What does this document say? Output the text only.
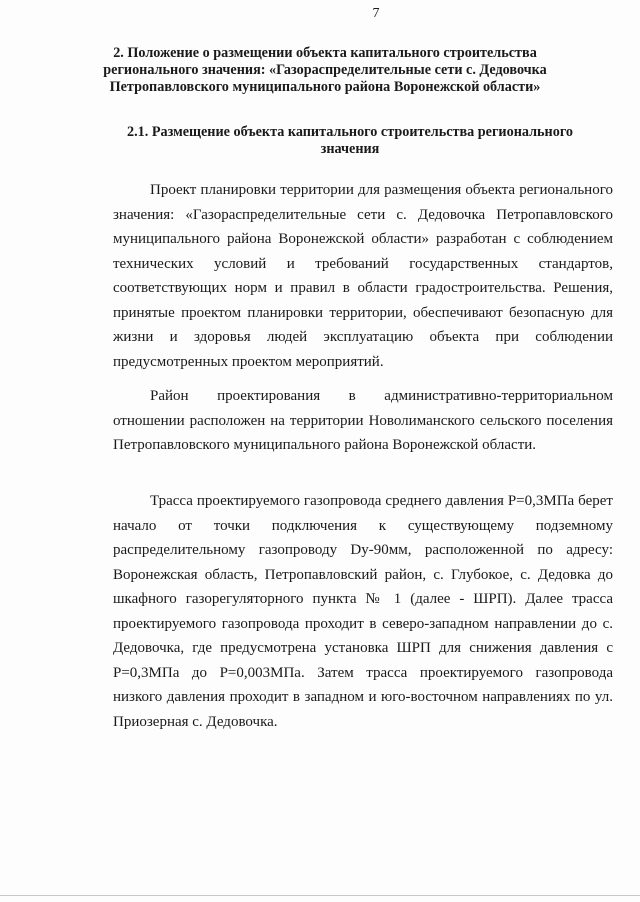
7
2. Положение о размещении объекта капитального строительства регионального значения: «Газораспределительные сети с. Дедовочка Петропавловского муниципального района Воронежской области»
2.1. Размещение объекта капитального строительства регионального значения

Проект планировки территории для размещения объекта регионального значения: «Газораспределительные сети с. Дедовочка Петропавловского муниципального района Воронежской области» разработан с соблюдением технических условий и требований государственных стандартов, соответствующих норм и правил в области градостроительства. Решения, принятые проектом планировки территории, обеспечивают безопасную для жизни и здоровья людей эксплуатацию объекта при соблюдении предусмотренных проектом мероприятий.

Район проектирования в административно-территориальном отношении расположен на территории Новолиманского сельского поселения Петропавловского муниципального района Воронежской области.

Трасса проектируемого газопровода среднего давления Р=0,3МПа берет начало от точки подключения к существующему подземному распределительному газопроводу Dу-90мм, расположенной по адресу: Воронежская область, Петропавловский район, с. Глубокое, с. Дедовка до шкафного газорегуляторного пункта № 1 (далее - ШРП). Далее трасса проектируемого газопровода проходит в северо-западном направлении до с. Дедовочка, где предусмотрена установка ШРП для снижения давления с Р=0,3МПа до Р=0,003МПа. Затем трасса проектируемого газопровода низкого давления проходит в западном и юго-восточном направлениях по ул. Приозерная с. Дедовочка.
